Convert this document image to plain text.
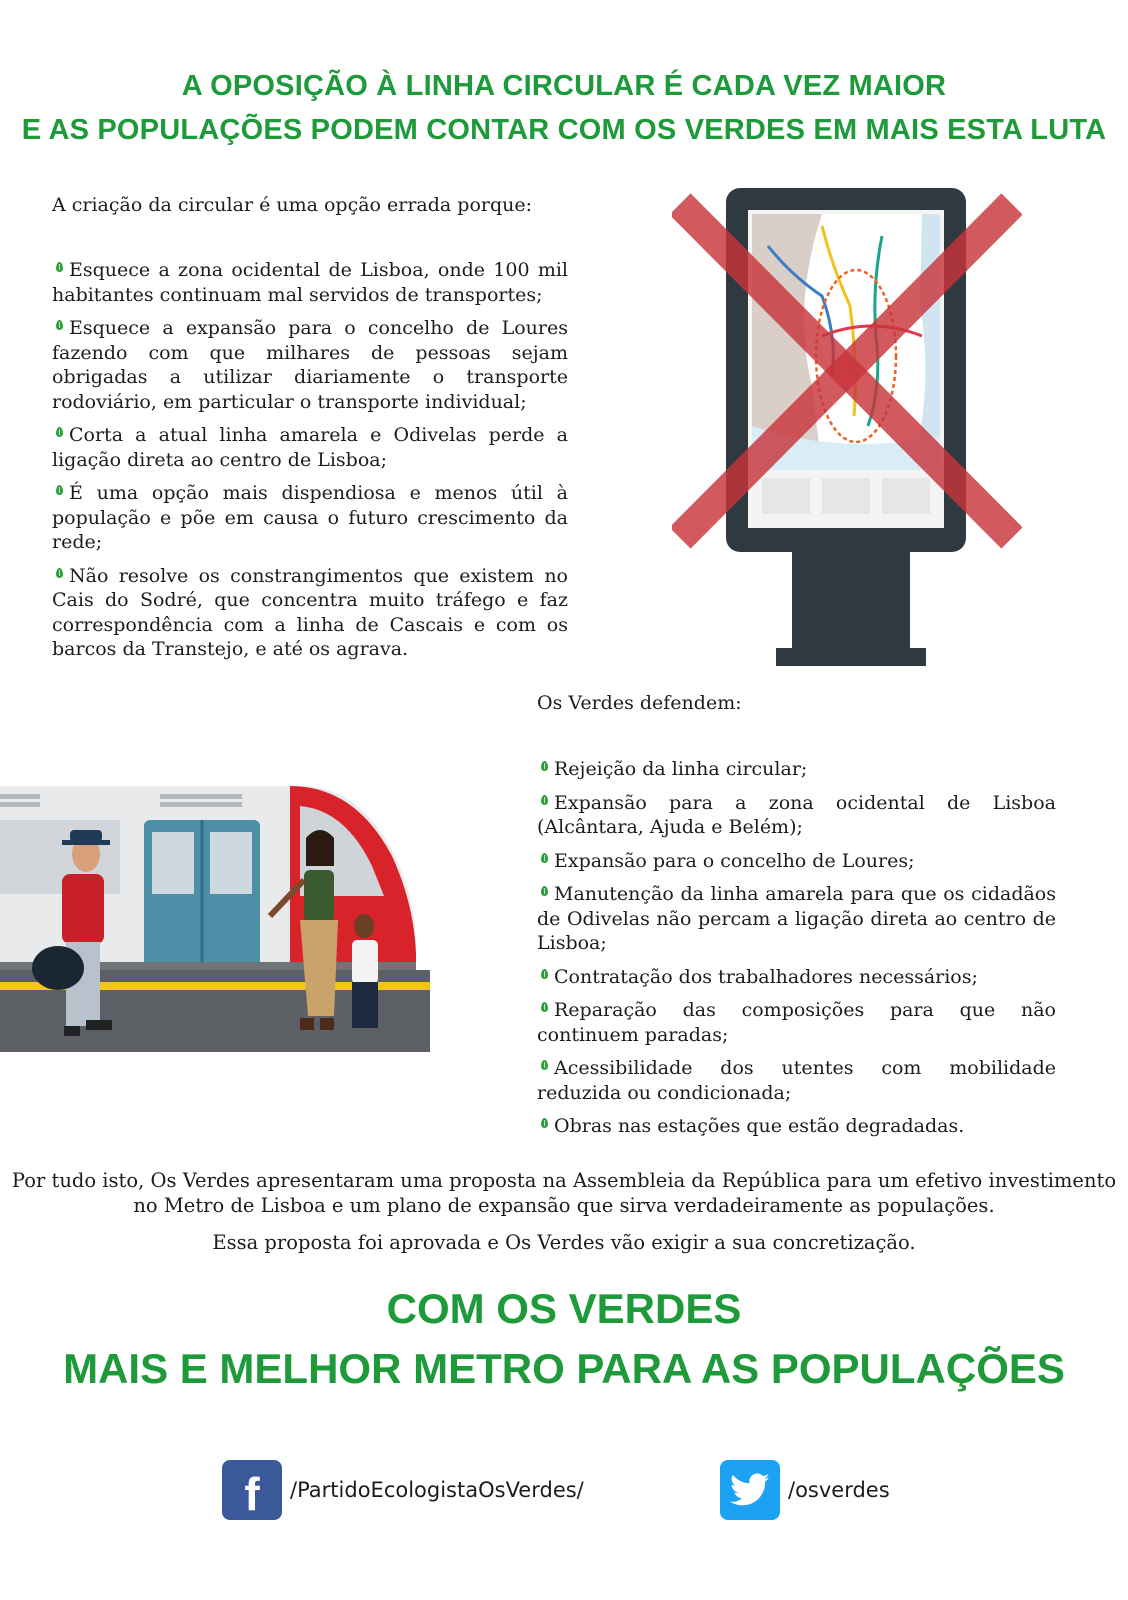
A OPOSIÇÃO À LINHA CIRCULAR É CADA VEZ MAIOR
E AS POPULAÇÕES PODEM CONTAR COM OS VERDES EM MAIS ESTA LUTA

A criação da circular é uma opção errada porque:

Esquece a zona ocidental de Lisboa, onde 100 mil habitantes continuam mal servidos de transportes;
Esquece a expansão para o concelho de Loures fazendo com que milhares de pessoas sejam obrigadas a utilizar diariamente o transporte rodoviário, em particular o transporte individual;
Corta a atual linha amarela e Odivelas perde a ligação direta ao centro de Lisboa;
É uma opção mais dispendiosa e menos útil à população e põe em causa o futuro crescimento da rede;
Não resolve os constrangimentos que existem no Cais do Sodré, que concentra muito tráfego e faz correspondência com a linha de Cascais e com os barcos da Transtejo, e até os agrava.

Os Verdes defendem:

Rejeição da linha circular;
Expansão para a zona ocidental de Lisboa (Alcântara, Ajuda e Belém);
Expansão para o concelho de Loures;
Manutenção da linha amarela para que os cidadãos de Odivelas não percam a ligação direta ao centro de Lisboa;
Contratação dos trabalhadores necessários;
Reparação das composições para que não continuem paradas;
Acessibilidade dos utentes com mobilidade reduzida ou condicionada;
Obras nas estações que estão degradadas.

Por tudo isto, Os Verdes apresentaram uma proposta na Assembleia da República para um efetivo investimento no Metro de Lisboa e um plano de expansão que sirva verdadeiramente as populações.

Essa proposta foi aprovada e Os Verdes vão exigir a sua concretização.

COM OS VERDES
MAIS E MELHOR METRO PARA AS POPULAÇÕES
f /PartidoEcologistaOsVerdes/	/osverdes
